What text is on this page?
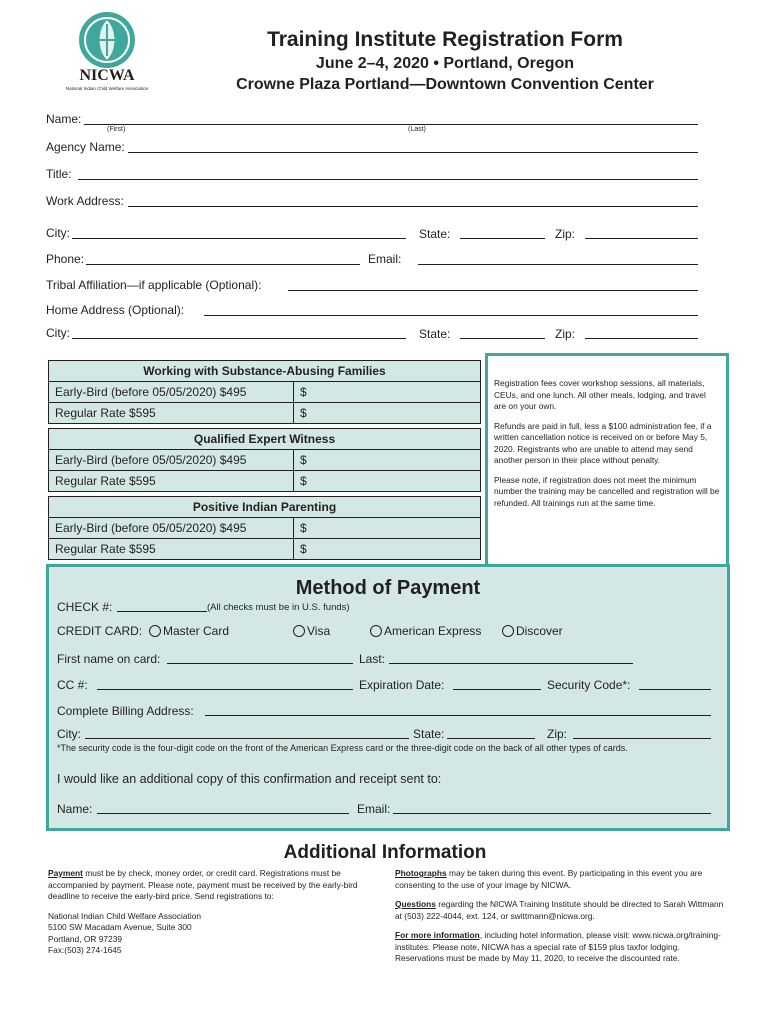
NICWA
National Indian Child Welfare Association
Training Institute Registration Form
June 2–4, 2020 • Portland, Oregon
Crowne Plaza Portland—Downtown Convention Center
Name:
(First)	(Last)
Agency Name:
Title:
Work Address:
City:	State:	Zip:
Phone:	Email:
Tribal Affiliation—if applicable (Optional):
Home Address (Optional):
City:	State:	Zip:
Working with Substance-Abusing Families
Early-Bird (before 05/05/2020) $495	$
Regular Rate $595	$
Qualified Expert Witness
Early-Bird (before 05/05/2020) $495	$
Regular Rate $595	$
Positive Indian Parenting
Early-Bird (before 05/05/2020) $495	$
Regular Rate $595	$

Registration fees cover workshop sessions, all materials, CEUs, and one lunch. All other meals, lodging, and travel are on your own.

Refunds are paid in full, less a $100 administration fee, if a written cancellation notice is received on or before May 5, 2020. Registrants who are unable to attend may send another person in their place without penalty.

Please note, if registration does not meet the minimum number the training may be cancelled and registration will be refunded. All trainings run at the same time.

Method of Payment
CHECK #:	(All checks must be in U.S. funds)
CREDIT CARD:	Master Card	Visa	American Express	Discover
First name on card:	Last:
CC #:	Expiration Date:	Security Code*:
Complete Billing Address:
City:	State:	Zip:
*The security code is the four-digit code on the front of the American Express card or the three-digit code on the back of all other types of cards.
I would like an additional copy of this confirmation and receipt sent to:
Name:	Email:
Additional Information

Payment must be by check, money order, or credit card. Registrations must be accompanied by payment. Please note, payment must be received by the early-bird deadline to receive the early-bird price. Send registrations to:

National Indian Child Welfare Association
5100 SW Macadam Avenue, Suite 300
Portland, OR 97239
Fax:(503) 274-1645

Photographs may be taken during this event. By participating in this event you are consenting to the use of your image by NICWA.

Questions regarding the NICWA Training Institute should be directed to Sarah Wittmann at (503) 222-4044, ext. 124, or swittmann@nicwa.org.

For more information, including hotel information, please visit: www.nicwa.org/training-institutes. Please note, NICWA has a special rate of $159 plus taxfor lodging. Reservations must be made by May 11, 2020, to receive the discounted rate.
